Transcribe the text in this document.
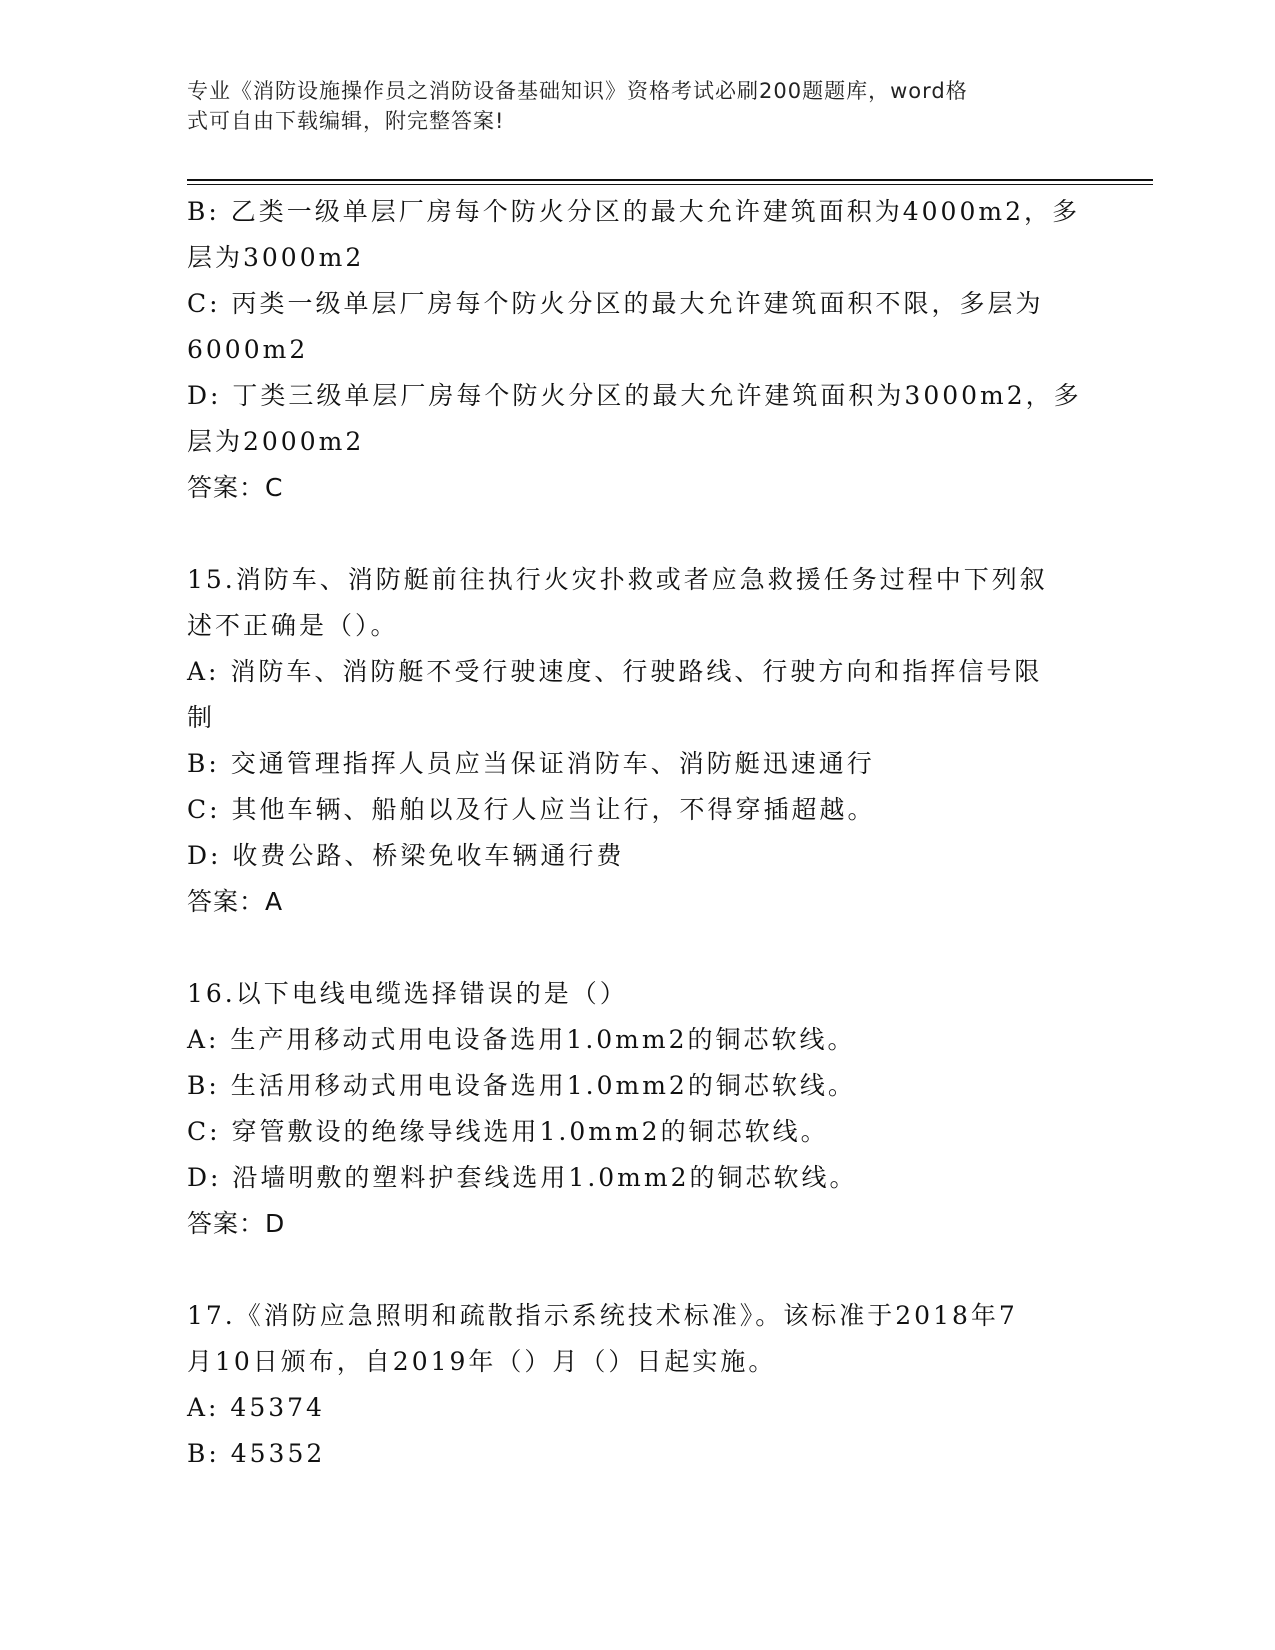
专业《消防设施操作员之消防设备基础知识》资格考试必刷200题题库，word格
式可自由下载编辑，附完整答案!
B: 乙类一级单层厂房每个防火分区的最大允许建筑面积为4000m2，多
层为3000m2
C: 丙类一级单层厂房每个防火分区的最大允许建筑面积不限，多层为
6000m2
D: 丁类三级单层厂房每个防火分区的最大允许建筑面积为3000m2，多
层为2000m2
答案：C
15.消防车、消防艇前往执行火灾扑救或者应急救援任务过程中下列叙
述不正确是（）。
A: 消防车、消防艇不受行驶速度、行驶路线、行驶方向和指挥信号限
制
B: 交通管理指挥人员应当保证消防车、消防艇迅速通行
C: 其他车辆、船舶以及行人应当让行，不得穿插超越。
D: 收费公路、桥梁免收车辆通行费
答案：A
16.以下电线电缆选择错误的是（）
A: 生产用移动式用电设备选用1.0mm2的铜芯软线。
B: 生活用移动式用电设备选用1.0mm2的铜芯软线。
C: 穿管敷设的绝缘导线选用1.0mm2的铜芯软线。
D: 沿墙明敷的塑料护套线选用1.0mm2的铜芯软线。
答案：D
17.《消防应急照明和疏散指示系统技术标准》。该标准于2018年7
月10日颁布，自2019年（）月（）日起实施。
A: 45374
B: 45352
